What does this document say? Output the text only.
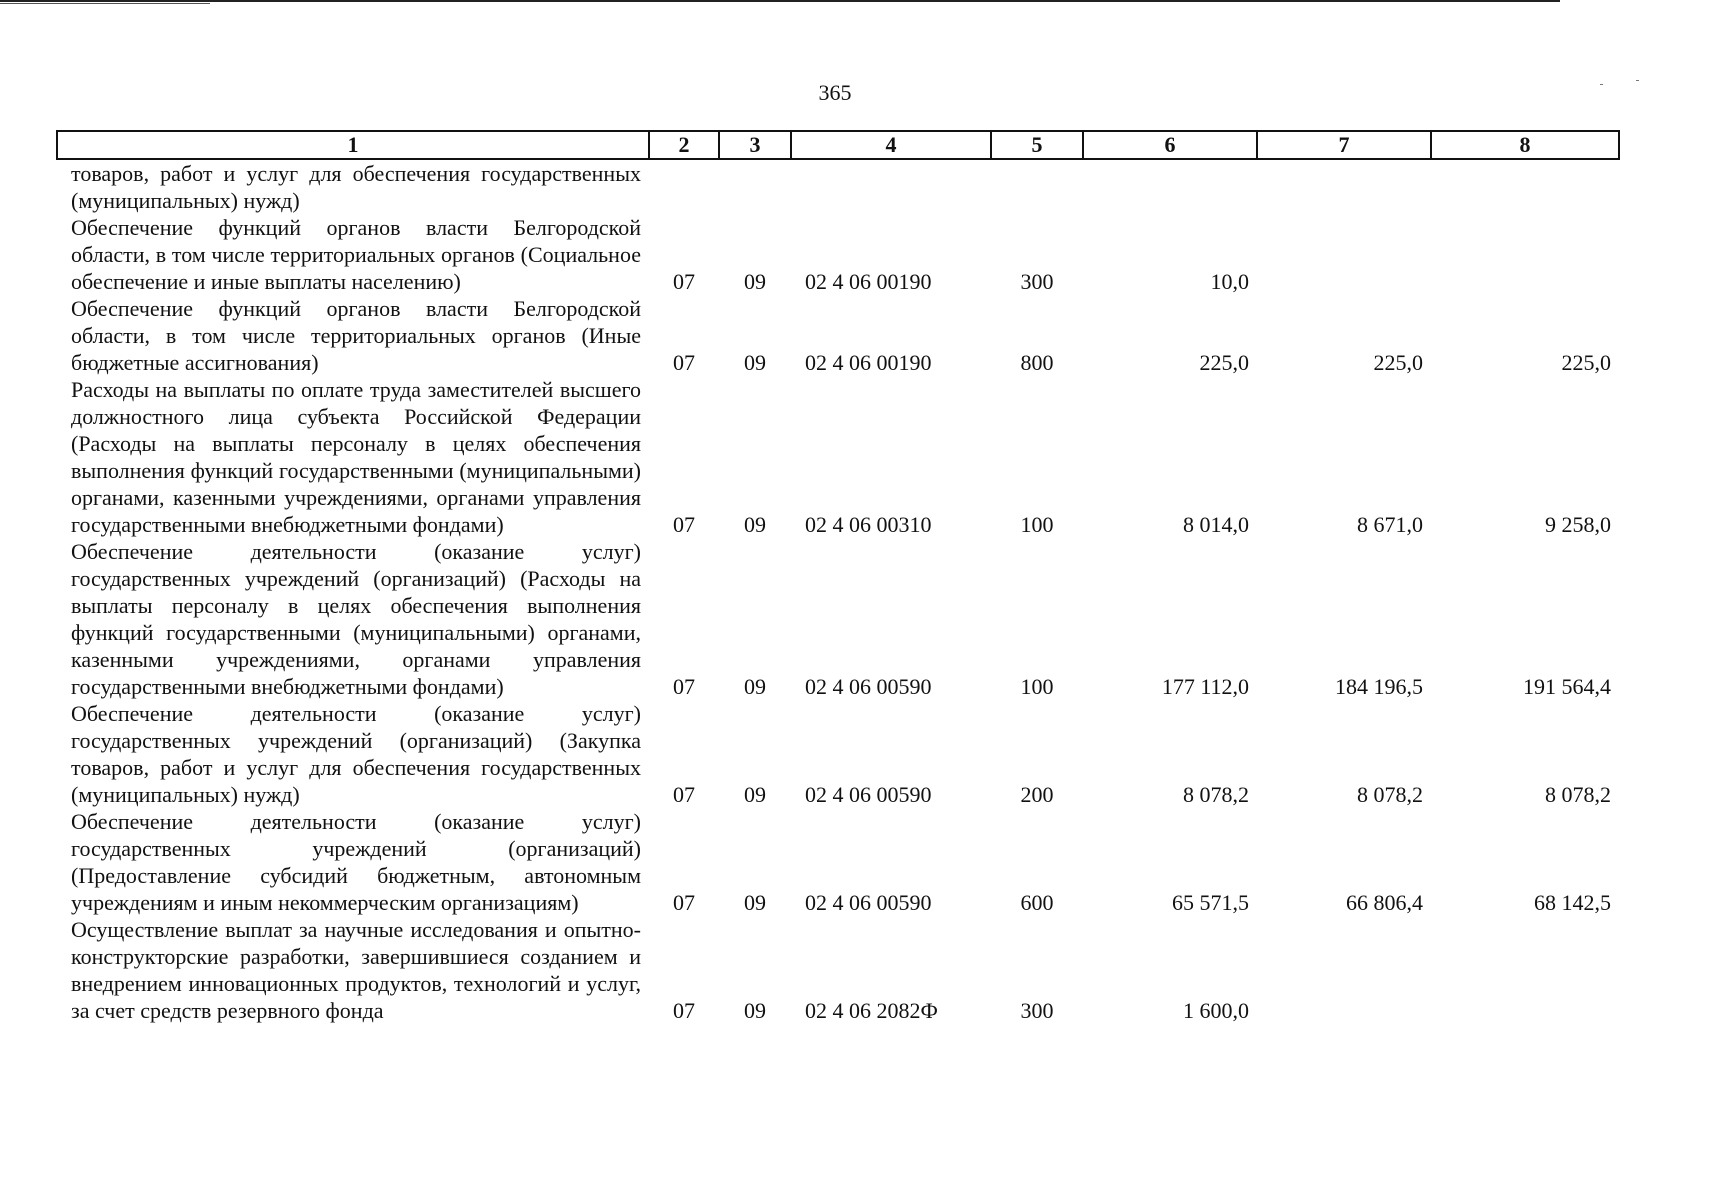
365
1	2	3	4	5	6	7	8
товаров, работ и услуг для обеспечения государственных (муниципальных) нужд)							
Обеспечение функций органов власти Белгородской области, в том числе территориальных органов (Социальное обеспечение и иные выплаты населению)	07	09	02 4 06 00190	300	10,0		
Обеспечение функций органов власти Белгородской области, в том числе территориальных органов (Иные бюджетные ассигнования)	07	09	02 4 06 00190	800	225,0	225,0	225,0
Расходы на выплаты по оплате труда заместителей высшего должностного лица субъекта Российской Федерации (Расходы на выплаты персоналу в целях обеспечения выполнения функций государственными (муниципальными) органами, казенными учреждениями, органами управления государственными внебюджетными фондами)	07	09	02 4 06 00310	100	8 014,0	8 671,0	9 258,0
Обеспечение деятельности (оказание услуг) государственных учреждений (организаций) (Расходы на выплаты персоналу в целях обеспечения выполнения функций государственными (муниципальными) органами, казенными учреждениями, органами управления государственными внебюджетными фондами)	07	09	02 4 06 00590	100	177 112,0	184 196,5	191 564,4
Обеспечение деятельности (оказание услуг) государственных учреждений (организаций) (Закупка товаров, работ и услуг для обеспечения государственных (муниципальных) нужд)	07	09	02 4 06 00590	200	8 078,2	8 078,2	8 078,2
Обеспечение деятельности (оказание услуг) государственных учреждений (организаций) (Предоставление субсидий бюджетным, автономным учреждениям и иным некоммерческим организациям)	07	09	02 4 06 00590	600	65 571,5	66 806,4	68 142,5
Осуществление выплат за научные исследования и опытно-конструкторские разработки, завершившиеся созданием и внедрением инновационных продуктов, технологий и услуг, за счет средств резервного фонда	07	09	02 4 06 2082Ф	300	1 600,0		
